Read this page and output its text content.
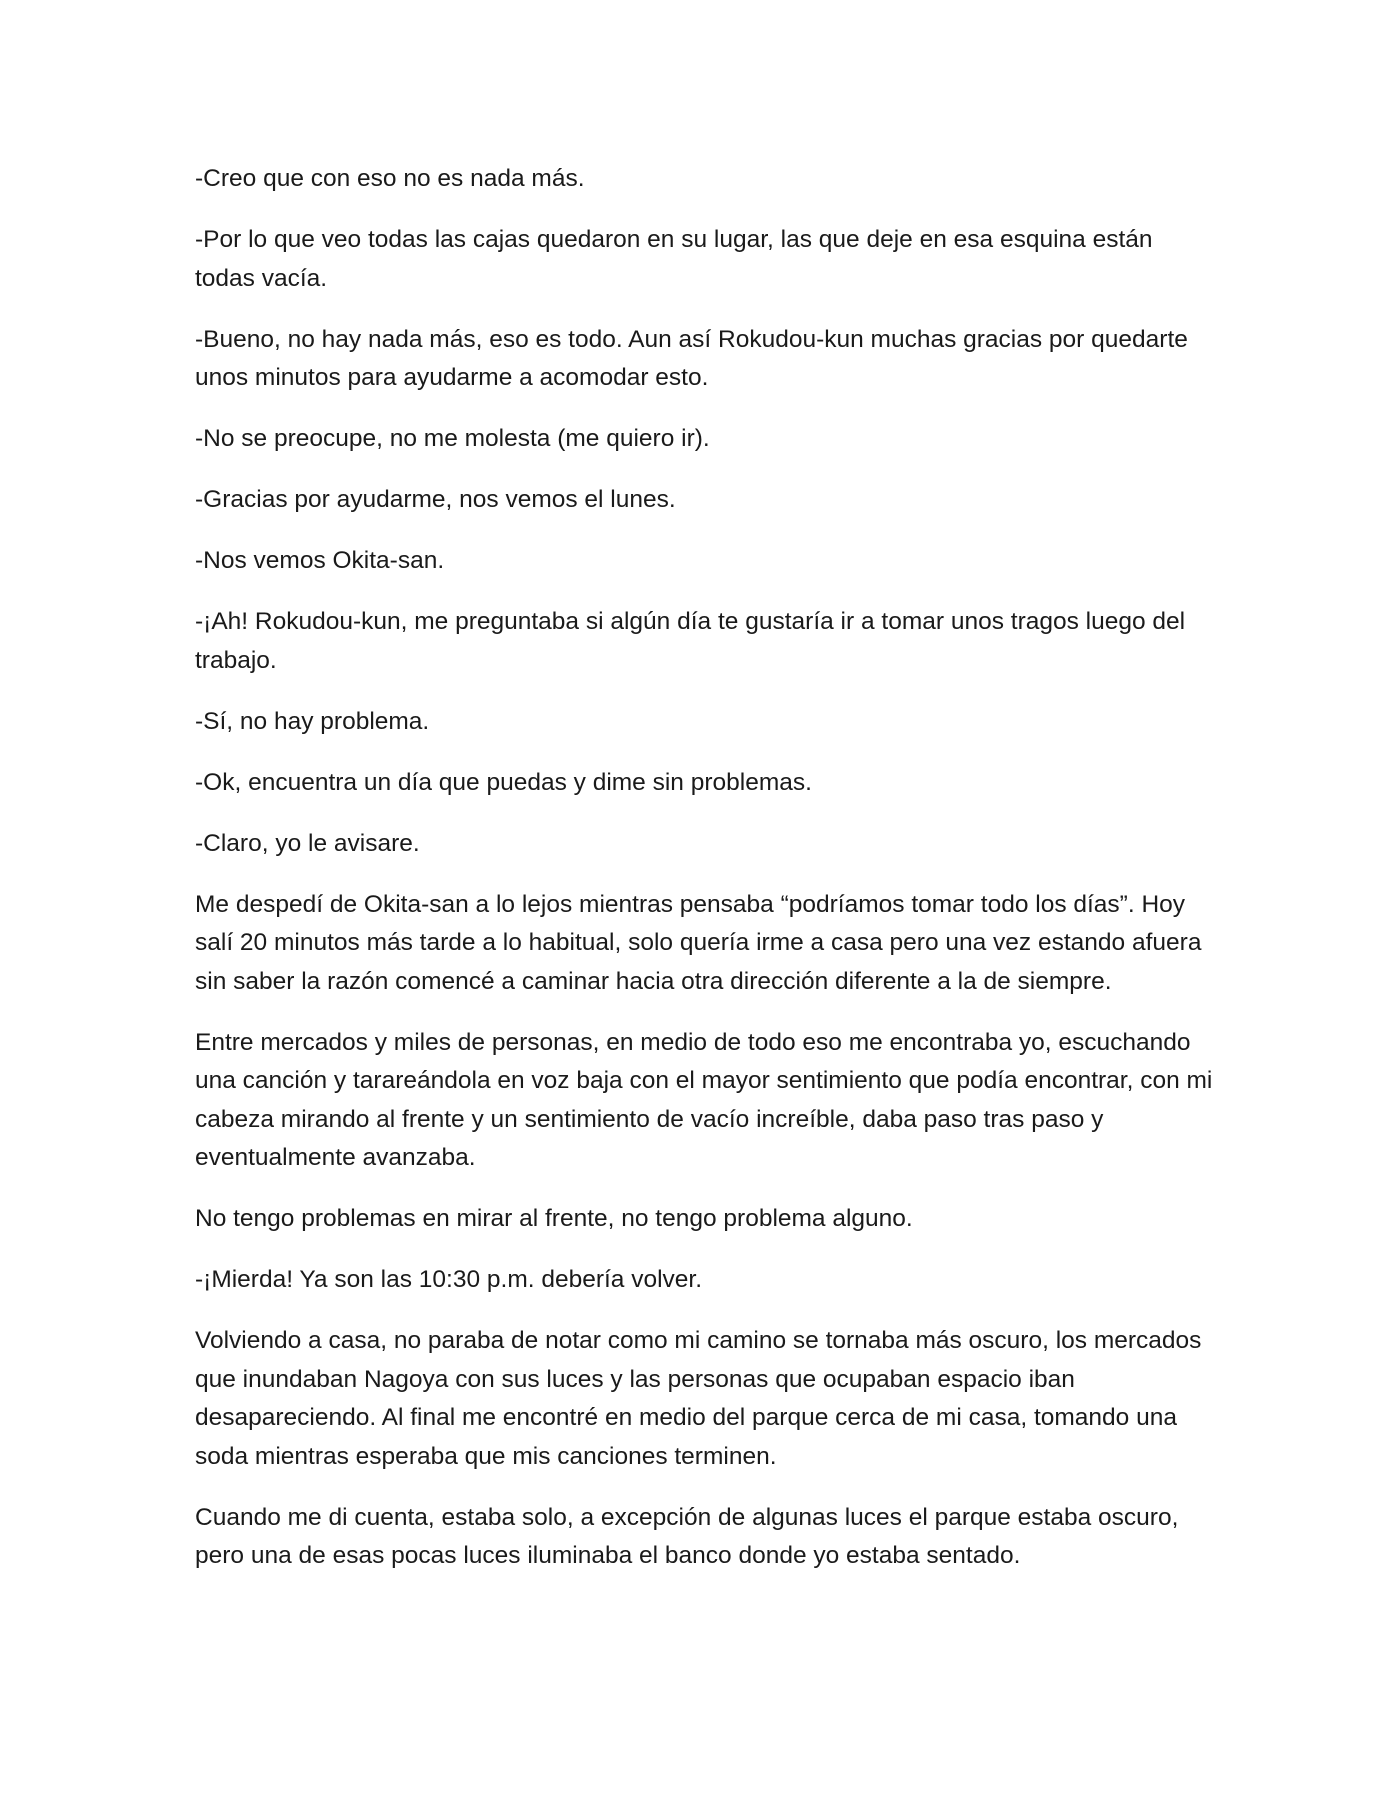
-Creo que con eso no es nada más.

-Por lo que veo todas las cajas quedaron en su lugar, las que deje en esa esquina están todas vacía.

-Bueno, no hay nada más, eso es todo. Aun así Rokudou-kun muchas gracias por quedarte unos minutos para ayudarme a acomodar esto.

-No se preocupe, no me molesta (me quiero ir).

-Gracias por ayudarme, nos vemos el lunes.

-Nos vemos Okita-san.

-¡Ah! Rokudou-kun, me preguntaba si algún día te gustaría ir a tomar unos tragos luego del trabajo.

-Sí, no hay problema.

-Ok, encuentra un día que puedas y dime sin problemas.

-Claro, yo le avisare.

Me despedí de Okita-san a lo lejos mientras pensaba “podríamos tomar todo los días”. Hoy salí 20 minutos más tarde a lo habitual, solo quería irme a casa pero una vez estando afuera sin saber la razón comencé a caminar hacia otra dirección diferente a la de siempre.

Entre mercados y miles de personas, en medio de todo eso me encontraba yo, escuchando una canción y tarareándola en voz baja con el mayor sentimiento que podía encontrar, con mi cabeza mirando al frente y un sentimiento de vacío increíble, daba paso tras paso y eventualmente avanzaba.

No tengo problemas en mirar al frente, no tengo problema alguno.

-¡Mierda! Ya son las 10:30 p.m. debería volver.

Volviendo a casa, no paraba de notar como mi camino se tornaba más oscuro, los mercados que inundaban Nagoya con sus luces y las personas que ocupaban espacio iban desapareciendo. Al final me encontré en medio del parque cerca de mi casa, tomando una soda mientras esperaba que mis canciones terminen.

Cuando me di cuenta, estaba solo, a excepción de algunas luces el parque estaba oscuro, pero una de esas pocas luces iluminaba el banco donde yo estaba sentado.
